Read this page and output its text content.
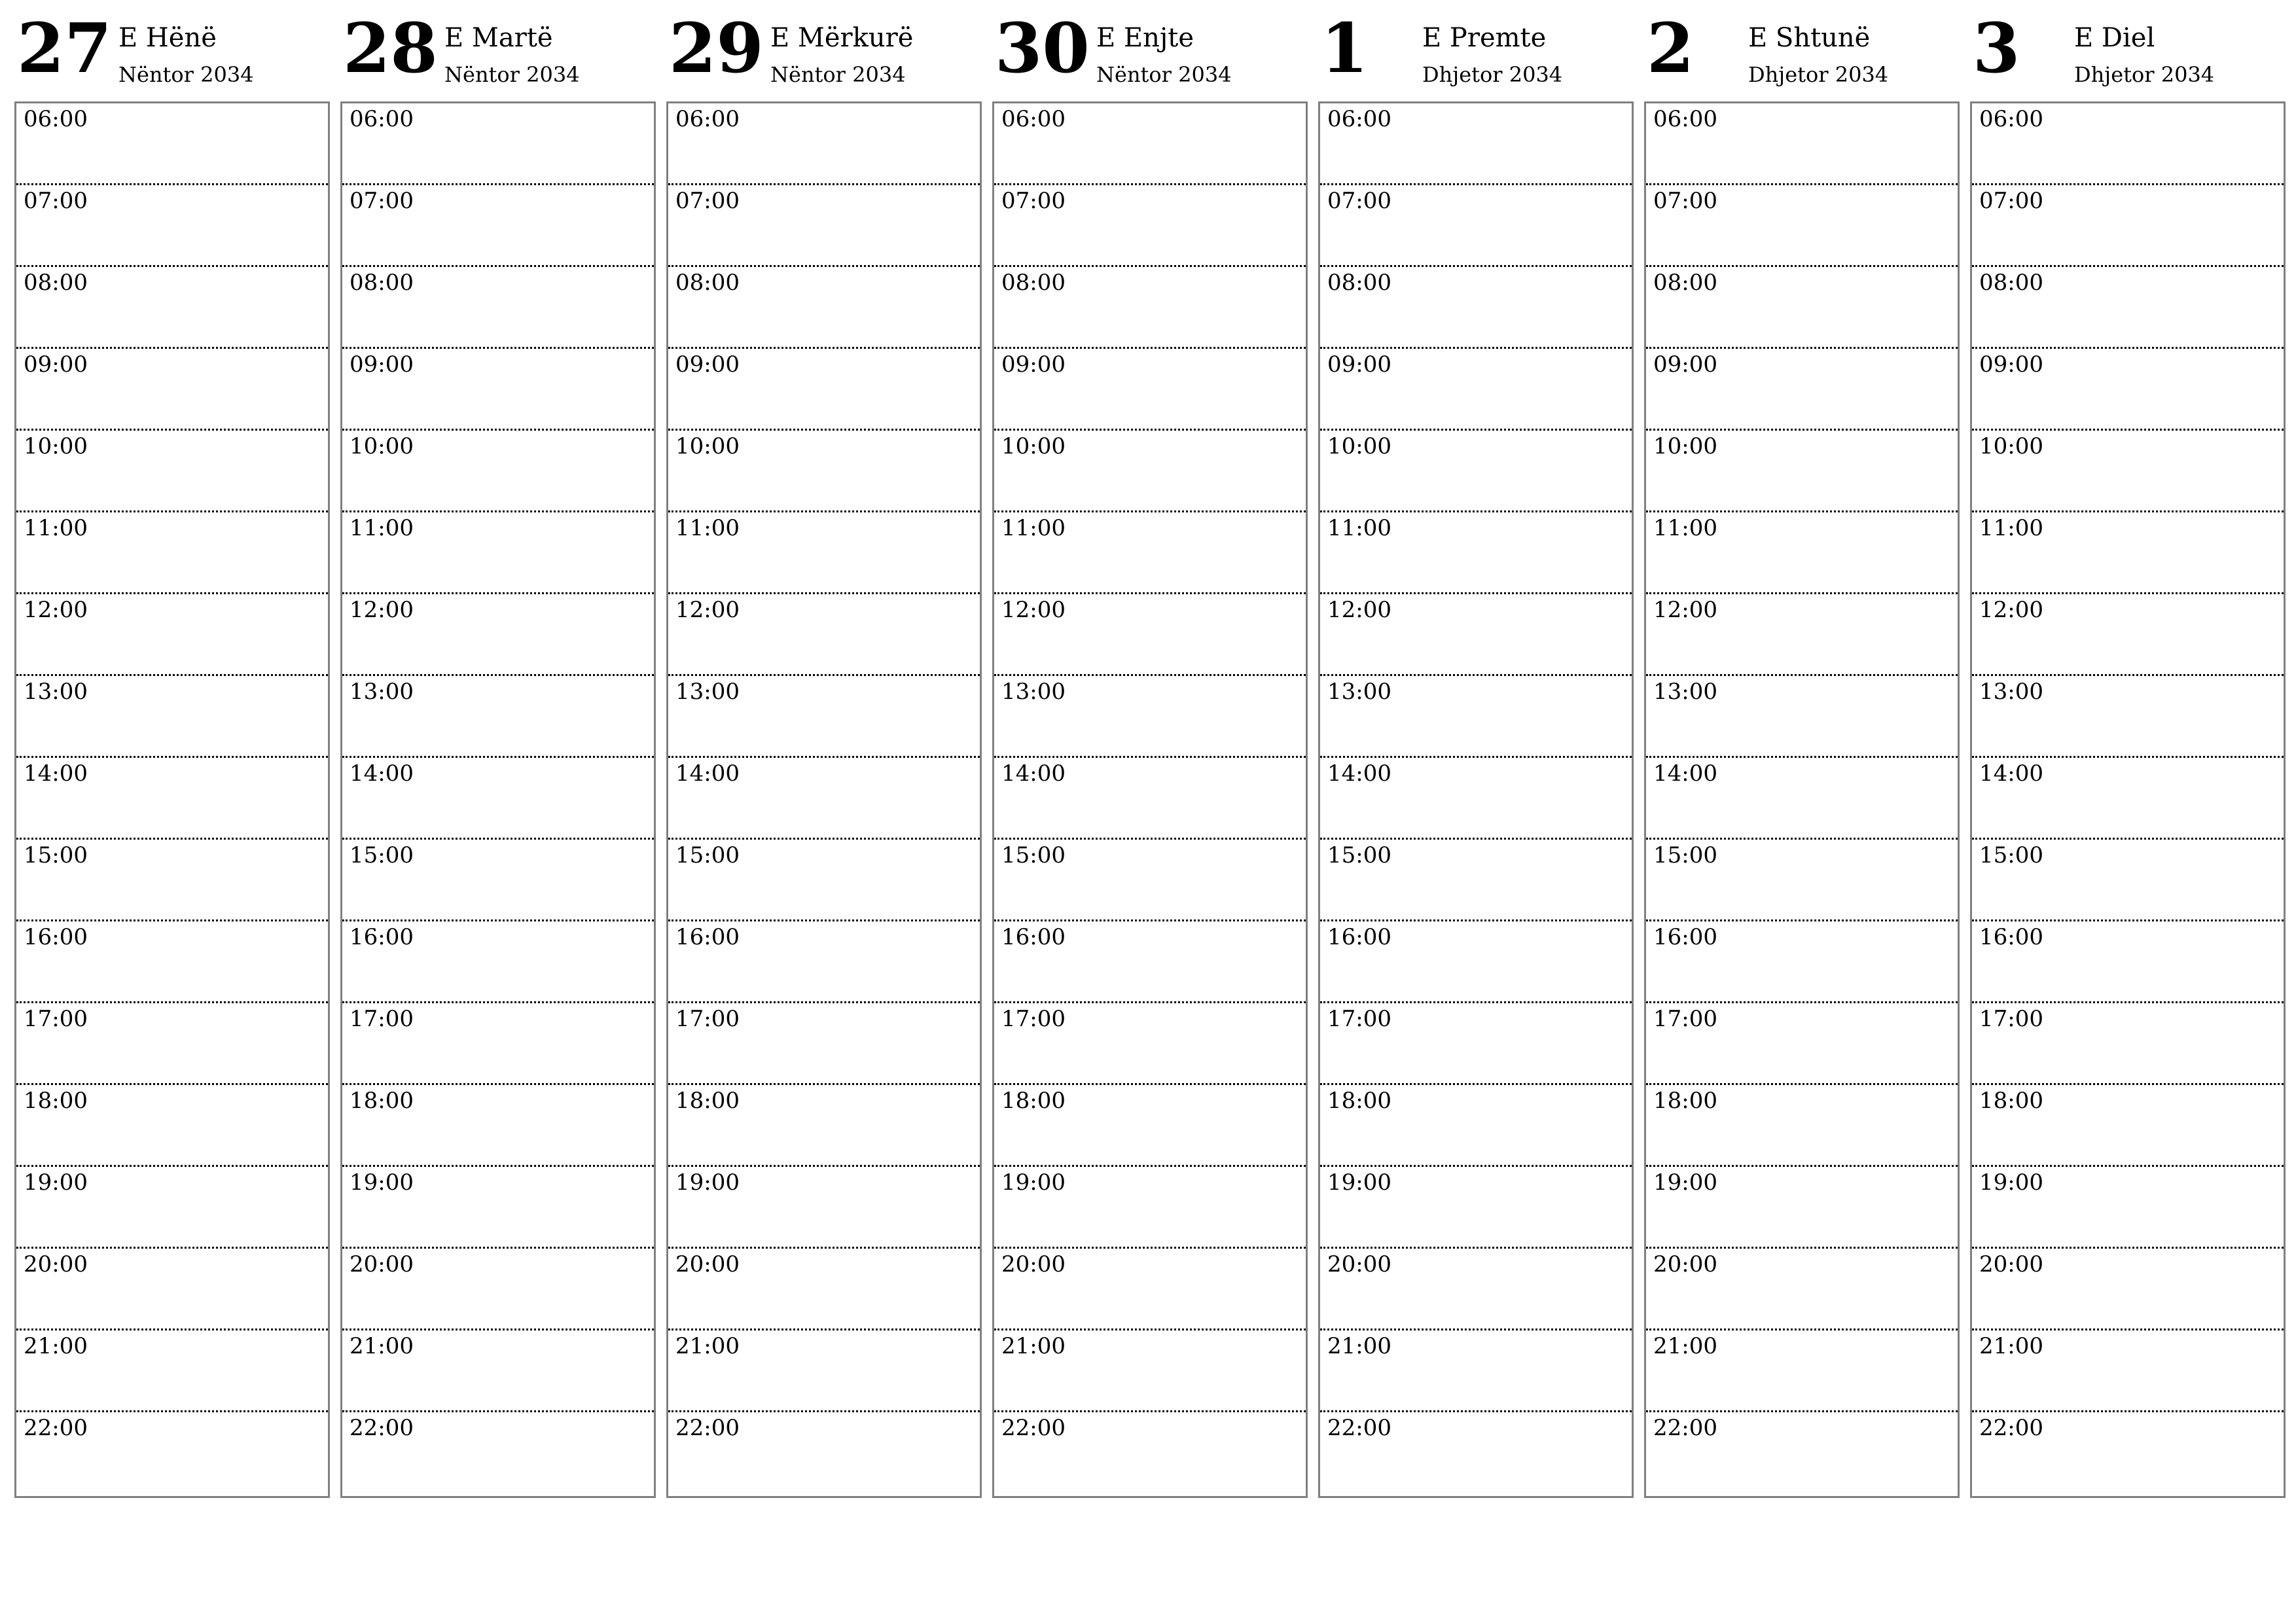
27 E Hënë
Nëntor 2034
06:00
07:00
08:00
09:00
10:00
11:00
12:00
13:00
14:00
15:00
16:00
17:00
18:00
19:00
20:00
21:00
22:00
28 E Martë
Nëntor 2034
06:00
07:00
08:00
09:00
10:00
11:00
12:00
13:00
14:00
15:00
16:00
17:00
18:00
19:00
20:00
21:00
22:00
29 E Mërkurë
Nëntor 2034
06:00
07:00
08:00
09:00
10:00
11:00
12:00
13:00
14:00
15:00
16:00
17:00
18:00
19:00
20:00
21:00
22:00
30 E Enjte
Nëntor 2034
06:00
07:00
08:00
09:00
10:00
11:00
12:00
13:00
14:00
15:00
16:00
17:00
18:00
19:00
20:00
21:00
22:00
1 E Premte
Dhjetor 2034
06:00
07:00
08:00
09:00
10:00
11:00
12:00
13:00
14:00
15:00
16:00
17:00
18:00
19:00
20:00
21:00
22:00
2 E Shtunë
Dhjetor 2034
06:00
07:00
08:00
09:00
10:00
11:00
12:00
13:00
14:00
15:00
16:00
17:00
18:00
19:00
20:00
21:00
22:00
3 E Diel
Dhjetor 2034
06:00
07:00
08:00
09:00
10:00
11:00
12:00
13:00
14:00
15:00
16:00
17:00
18:00
19:00
20:00
21:00
22:00
